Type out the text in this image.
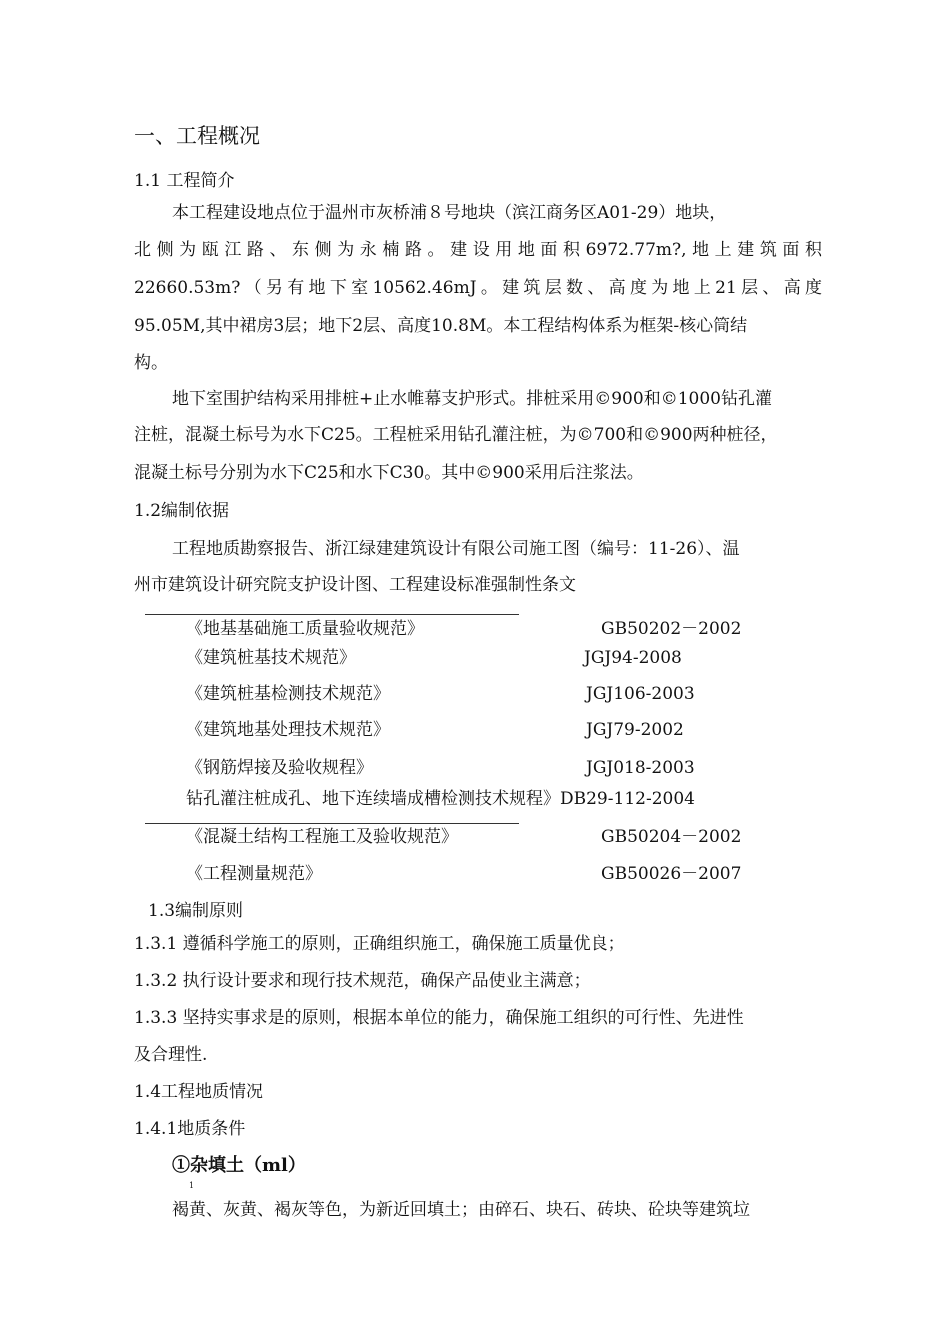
一、工程概况
1.1 工程简介
本工程建设地点位于温州市灰桥浦８号地块（滨江商务区A01-29）地块，
北侧为瓯江路、东侧为永楠路。建设用地面积6972.77m?,地上建筑面积
22660.53m?（另有地下室10562.46mJ。建筑层数、高度为地上21层、高度
95.05M,其中裙房3层；地下2层、高度10.8M。本工程结构体系为框架-核心筒结
构。
地下室围护结构采用排桩+止水帷幕支护形式。排桩采用©900和©1000钻孔灌
注桩，混凝土标号为水下C25。工程桩采用钻孔灌注桩，为©700和©900两种桩径，
混凝土标号分别为水下C25和水下C30。其中©900采用后注浆法。
1.2编制依据
工程地质勘察报告、浙江绿建建筑设计有限公司施工图（编号：11-26）、温
州市建筑设计研究院支护设计图、工程建设标准强制性条文
《地基基础施工质量验收规范》	GB50202－2002
《建筑桩基技术规范》	JGJ94-2008
《建筑桩基检测技术规范》	JGJ106-2003
《建筑地基处理技术规范》	JGJ79-2002
《钢筋焊接及验收规程》	JGJ018-2003
钻孔灌注桩成孔、地下连续墙成槽检测技术规程》DB29-112-2004
《混凝土结构工程施工及验收规范》	GB50204－2002
《工程测量规范》	GB50026－2007
1.3编制原则
1.3.1 遵循科学施工的原则，正确组织施工，确保施工质量优良；
1.3.2 执行设计要求和现行技术规范，确保产品使业主满意；
1.3.3 坚持实事求是的原则，根据本单位的能力，确保施工组织的可行性、先进性
及合理性.
1.4工程地质情况
1.4.1地质条件
①杂填土（ml）
1
褐黄、灰黄、褐灰等色，为新近回填土；由碎石、块石、砖块、砼块等建筑垃
